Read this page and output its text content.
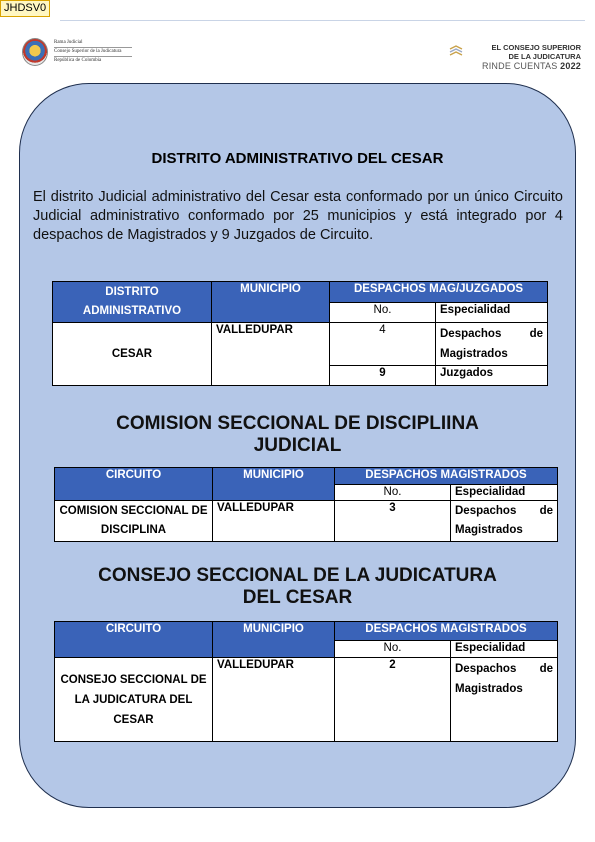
JHDSV0
Rama Judicial
Consejo Superior de la Judicatura
República de Colombia
EL CONSEJO SUPERIOR
DE LA JUDICATURA
RINDE CUENTAS 2022
DISTRITO ADMINISTRATIVO DEL CESAR
El distrito Judicial administrativo del Cesar esta conformado por un único Circuito Judicial administrativo conformado por 25 municipios y está integrado por 4 despachos de Magistrados y 9 Juzgados de Circuito.
DISTRITO ADMINISTRATIVO	MUNICIPIO	DESPACHOS MAG/JUZGADOS	
		No.	Especialidad
CESAR	VALLEDUPAR	4	Despachos de
Magistrados

		9	Juzgados
COMISION SECCIONAL DE DISCIPLIINA
JUDICIAL
CIRCUITO	MUNICIPIO	DESPACHOS MAGISTRADOS	
		No.	Especialidad
COMISION SECCIONAL DE DISCIPLINA	VALLEDUPAR	3	Despachos de
Magistrados
CONSEJO SECCIONAL DE LA JUDICATURA
DEL CESAR
CIRCUITO	MUNICIPIO	DESPACHOS MAGISTRADOS	
		No.	Especialidad
CONSEJO SECCIONAL DE LA JUDICATURA DEL CESAR	VALLEDUPAR	2	Despachos de
Magistrados
